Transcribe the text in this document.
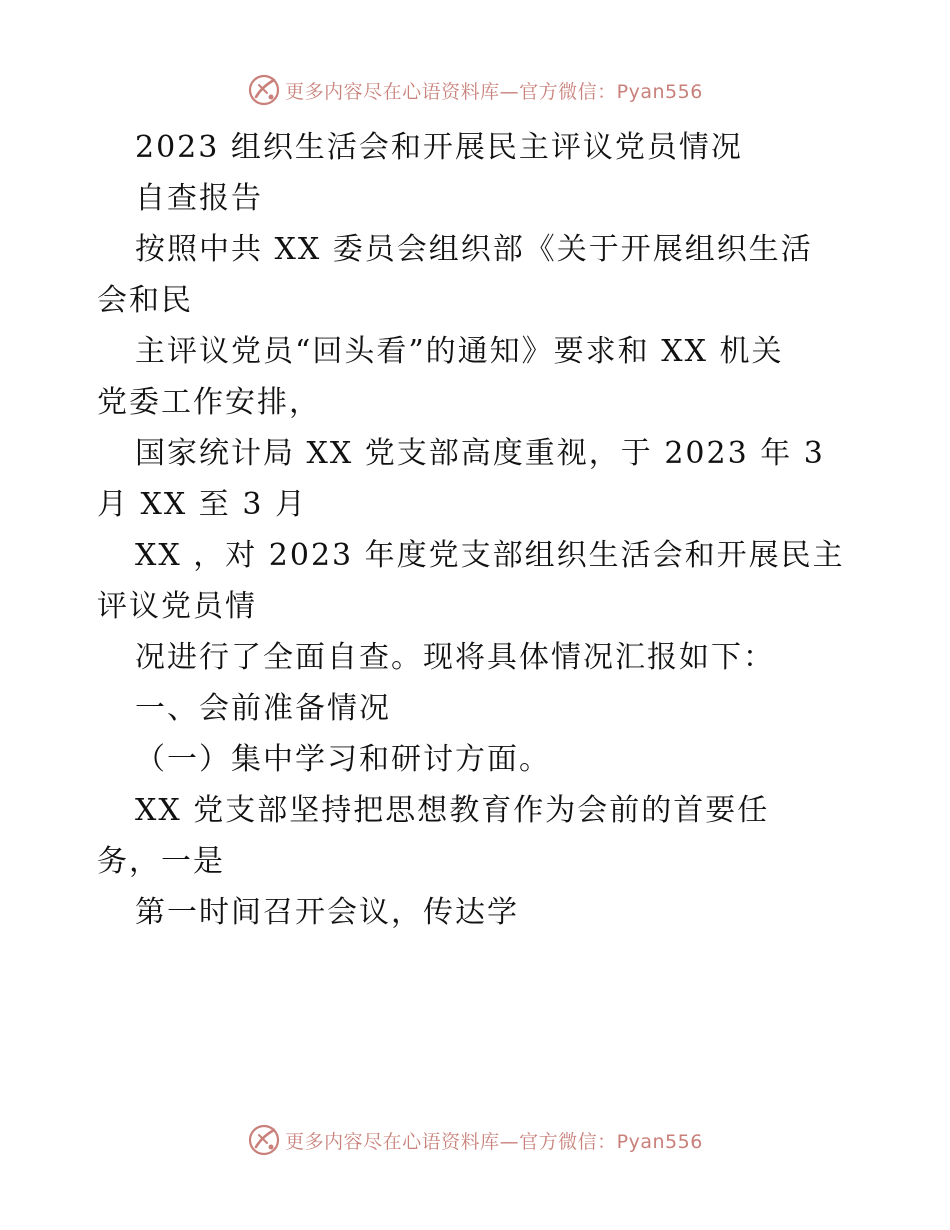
更多内容尽在心语资料库—官方微信：Pyan556
2023 组织生活会和开展民主评议党员情况
自查报告
按照中共 XX 委员会组织部《关于开展组织生活
会和民
主评议党员“回头看”的通知》要求和 XX 机关
党委工作安排，
国家统计局 XX 党支部高度重视，于 2023 年 3
月 XX 至 3 月
XX ，对 2023 年度党支部组织生活会和开展民主
评议党员情
况进行了全面自查。现将具体情况汇报如下：
一、会前准备情况
（一）集中学习和研讨方面。
XX 党支部坚持把思想教育作为会前的首要任
务，一是
第一时间召开会议，传达学
更多内容尽在心语资料库—官方微信：Pyan556
